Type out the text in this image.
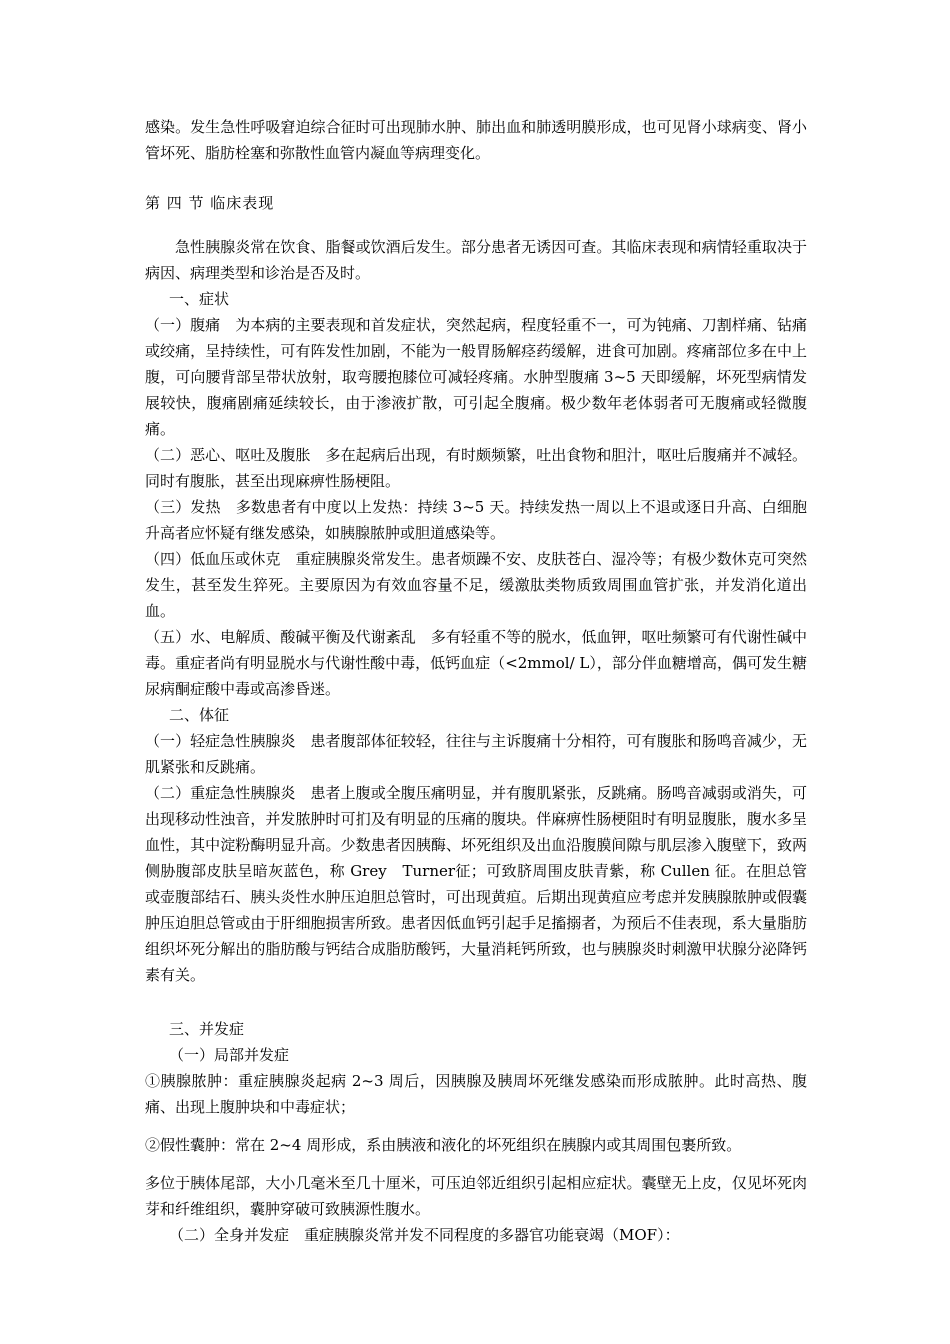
感染。发生急性呼吸窘迫综合征时可出现肺水肿、肺出血和肺透明膜形成，也可见肾小球病变、肾小管坏死、脂肪栓塞和弥散性血管内凝血等病理变化。

第 四 节 临床表现

急性胰腺炎常在饮食、脂餐或饮酒后发生。部分患者无诱因可查。其临床表现和病情轻重取决于病因、病理类型和诊治是否及时。

一、症状

（一）腹痛　为本病的主要表现和首发症状，突然起病，程度轻重不一，可为钝痛、刀割样痛、钻痛或绞痛，呈持续性，可有阵发性加剧，不能为一般胃肠解痉药缓解，进食可加剧。疼痛部位多在中上腹，可向腰背部呈带状放射，取弯腰抱膝位可减轻疼痛。水肿型腹痛 3~5 天即缓解，坏死型病情发展较快，腹痛剧痛延续较长，由于渗液扩散，可引起全腹痛。极少数年老体弱者可无腹痛或轻微腹痛。

（二）恶心、呕吐及腹胀　多在起病后出现，有时颇频繁，吐出食物和胆汁，呕吐后腹痛并不减轻。同时有腹胀，甚至出现麻痹性肠梗阻。

（三）发热　多数患者有中度以上发热：持续 3~5 天。持续发热一周以上不退或逐日升高、白细胞升高者应怀疑有继发感染，如胰腺脓肿或胆道感染等。

（四）低血压或休克　重症胰腺炎常发生。患者烦躁不安、皮肤苍白、湿冷等；有极少数休克可突然发生，甚至发生猝死。主要原因为有效血容量不足，缓激肽类物质致周围血管扩张，并发消化道出血。

（五）水、电解质、酸碱平衡及代谢紊乱　多有轻重不等的脱水，低血钾，呕吐频繁可有代谢性碱中毒。重症者尚有明显脱水与代谢性酸中毒，低钙血症（<2mmol/ L），部分伴血糖增高，偶可发生糖尿病酮症酸中毒或高渗昏迷。

二、体征

（一）轻症急性胰腺炎　患者腹部体征较轻，往往与主诉腹痛十分相符，可有腹胀和肠鸣音减少，无肌紧张和反跳痛。

（二）重症急性胰腺炎　患者上腹或全腹压痛明显，并有腹肌紧张，反跳痛。肠鸣音减弱或消失，可出现移动性浊音，并发脓肿时可扪及有明显的压痛的腹块。伴麻痹性肠梗阻时有明显腹胀，腹水多呈血性，其中淀粉酶明显升高。少数患者因胰酶、坏死组织及出血沿腹膜间隙与肌层渗入腹壁下，致两侧胁腹部皮肤呈暗灰蓝色，称 Grey　Turner征；可致脐周围皮肤青紫，称 Cullen 征。在胆总管或壶腹部结石、胰头炎性水肿压迫胆总管时，可出现黄疸。后期出现黄疸应考虑并发胰腺脓肿或假囊肿压迫胆总管或由于肝细胞损害所致。患者因低血钙引起手足搐搦者，为预后不佳表现，系大量脂肪组织坏死分解出的脂肪酸与钙结合成脂肪酸钙，大量消耗钙所致，也与胰腺炎时刺激甲状腺分泌降钙素有关。

三、并发症

（一）局部并发症

①胰腺脓肿：重症胰腺炎起病 2~3 周后，因胰腺及胰周坏死继发感染而形成脓肿。此时高热、腹痛、出现上腹肿块和中毒症状；

②假性囊肿：常在 2~4 周形成，系由胰液和液化的坏死组织在胰腺内或其周围包裹所致。

多位于胰体尾部，大小几毫米至几十厘米，可压迫邻近组织引起相应症状。囊壁无上皮，仅见坏死肉芽和纤维组织，囊肿穿破可致胰源性腹水。

（二）全身并发症　重症胰腺炎常并发不同程度的多器官功能衰竭（MOF）：
